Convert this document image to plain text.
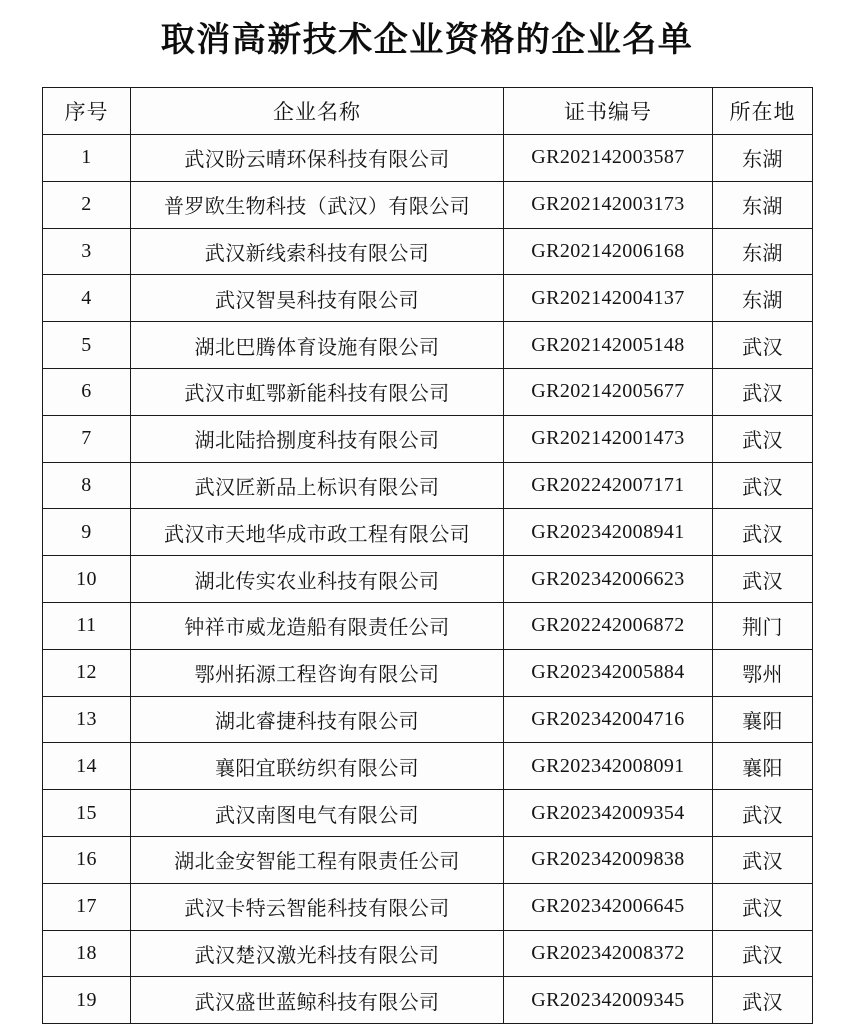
取消高新技术企业资格的企业名单
序号	企业名称	证书编号	所在地
1	武汉盼云晴环保科技有限公司	GR202142003587	东湖
2	普罗欧生物科技（武汉）有限公司	GR202142003173	东湖
3	武汉新线索科技有限公司	GR202142006168	东湖
4	武汉智昊科技有限公司	GR202142004137	东湖
5	湖北巴腾体育设施有限公司	GR202142005148	武汉
6	武汉市虹鄂新能科技有限公司	GR202142005677	武汉
7	湖北陆拾捌度科技有限公司	GR202142001473	武汉
8	武汉匠新品上标识有限公司	GR202242007171	武汉
9	武汉市天地华成市政工程有限公司	GR202342008941	武汉
10	湖北传实农业科技有限公司	GR202342006623	武汉
11	钟祥市威龙造船有限责任公司	GR202242006872	荆门
12	鄂州拓源工程咨询有限公司	GR202342005884	鄂州
13	湖北睿捷科技有限公司	GR202342004716	襄阳
14	襄阳宜联纺织有限公司	GR202342008091	襄阳
15	武汉南图电气有限公司	GR202342009354	武汉
16	湖北金安智能工程有限责任公司	GR202342009838	武汉
17	武汉卡特云智能科技有限公司	GR202342006645	武汉
18	武汉楚汉激光科技有限公司	GR202342008372	武汉
19	武汉盛世蓝鲸科技有限公司	GR202342009345	武汉
